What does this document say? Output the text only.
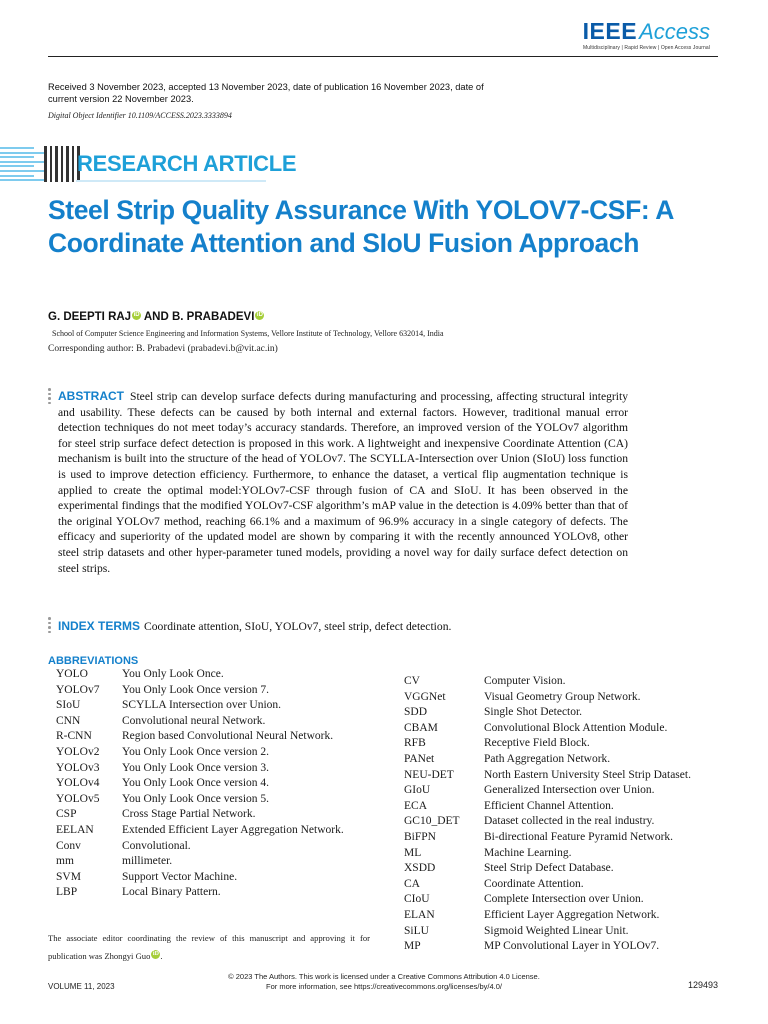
IEEEAccess
Multidisciplinary | Rapid Review | Open Access Journal
Received 3 November 2023, accepted 13 November 2023, date of publication 16 November 2023, date of current version 22 November 2023.
Digital Object Identifier 10.1109/ACCESS.2023.3333894
RESEARCH ARTICLE
Steel Strip Quality Assurance With YOLOV7-CSF: A Coordinate Attention and SIoU Fusion Approach
G. DEEPTI RAJ iD AND B. PRABADEVI iD
School of Computer Science Engineering and Information Systems, Vellore Institute of Technology, Vellore 632014, India
Corresponding author: B. Prabadevi (prabadevi.b@vit.ac.in)

ABSTRACT Steel strip can develop surface defects during manufacturing and processing, affecting structural integrity and usability. These defects can be caused by both internal and external factors. However, traditional manual error detection techniques do not meet today’s accuracy standards. Therefore, an improved version of the YOLOv7 algorithm for steel strip surface defect detection is proposed in this work. A lightweight and inexpensive Coordinate Attention (CA) mechanism is built into the structure of the head of YOLOv7. The SCYLLA-Intersection over Union (SIoU) loss function is used to improve detection efficiency. Furthermore, to enhance the dataset, a vertical flip augmentation technique is applied to create the optimal model:YOLOv7-CSF through fusion of CA and SIoU. It has been observed in the experimental findings that the modified YOLOv7-CSF algorithm’s mAP value in the detection is 4.09% better than that of the original YOLOv7 method, reaching 66.1% and a maximum of 96.9% accuracy in a single category of defects. The efficacy and superiority of the updated model are shown by comparing it with the recently announced YOLOv8, other steel strip datasets and other hyper-parameter tuned models, providing a novel way for daily surface defect detection on steel strips.

INDEX TERMS Coordinate attention, SIoU, YOLOv7, steel strip, defect detection.

ABBREVIATIONS
YOLO	You Only Look Once.
YOLOv7	You Only Look Once version 7.
SIoU	SCYLLA Intersection over Union.
CNN	Convolutional neural Network.
R-CNN	Region based Convolutional Neural Network.
YOLOv2	You Only Look Once version 2.
YOLOv3	You Only Look Once version 3.
YOLOv4	You Only Look Once version 4.
YOLOv5	You Only Look Once version 5.
CSP	Cross Stage Partial Network.
EELAN	Extended Efficient Layer Aggregation Network.
Conv	Convolutional.
mm	millimeter.
SVM	Support Vector Machine.
LBP	Local Binary Pattern.
CV	Computer Vision.
VGGNet	Visual Geometry Group Network.
SDD	Single Shot Detector.
CBAM	Convolutional Block Attention Module.
RFB	Receptive Field Block.
PANet	Path Aggregation Network.
NEU-DET	North Eastern University Steel Strip Dataset.
GIoU	Generalized Intersection over Union.
ECA	Efficient Channel Attention.
GC10_DET	Dataset collected in the real industry.
BiFPN	Bi-directional Feature Pyramid Network.
ML	Machine Learning.
XSDD	Steel Strip Defect Database.
CA	Coordinate Attention.
CIoU	Complete Intersection over Union.
ELAN	Efficient Layer Aggregation Network.
SiLU	Sigmoid Weighted Linear Unit.
MP	MP Convolutional Layer in YOLOv7.

The associate editor coordinating the review of this manuscript and approving it for publication was Zhongyi Guo iD .

© 2023 The Authors. This work is licensed under a Creative Commons Attribution 4.0 License.
For more information, see https://creativecommons.org/licenses/by/4.0/
VOLUME 11, 2023	129493
